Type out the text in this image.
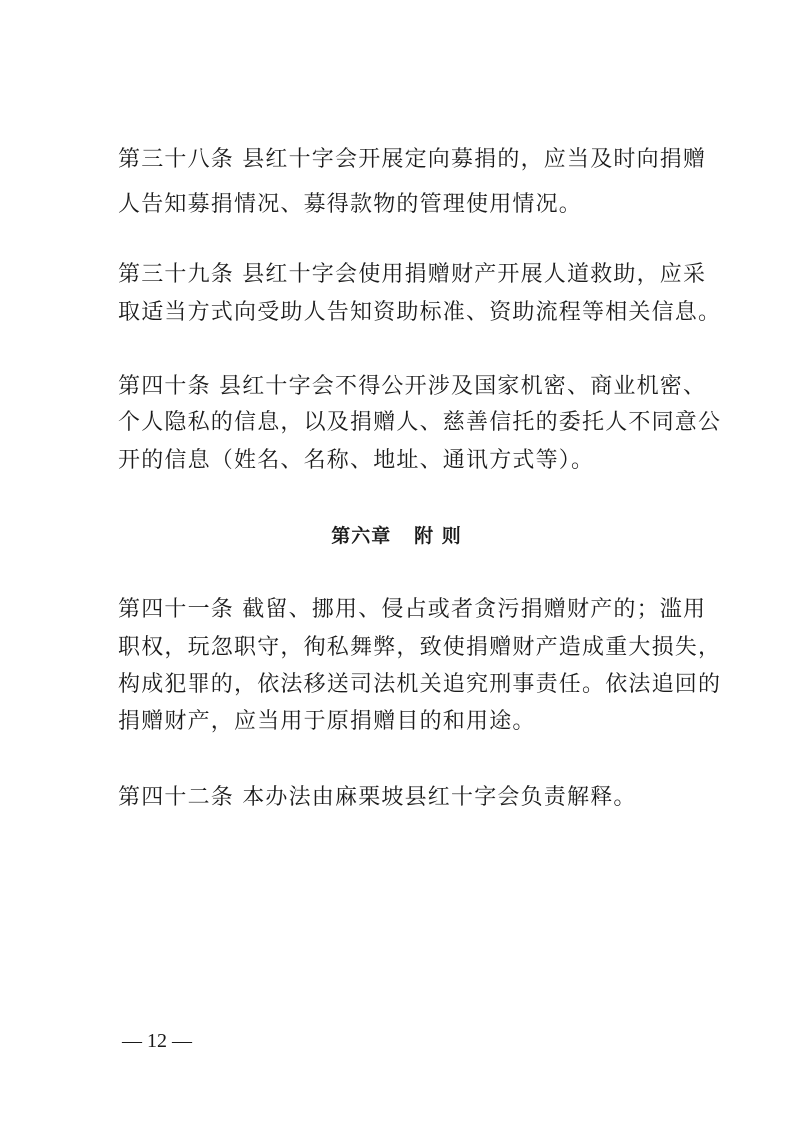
第三十八条 县红十字会开展定向募捐的，应当及时向捐赠
人告知募捐情况、募得款物的管理使用情况。
第三十九条 县红十字会使用捐赠财产开展人道救助，应采
取适当方式向受助人告知资助标准、资助流程等相关信息。
第四十条 县红十字会不得公开涉及国家机密、商业机密、
个人隐私的信息，以及捐赠人、慈善信托的委托人不同意公
开的信息（姓名、名称、地址、通讯方式等）。
第六章   附 则
第四十一条 截留、挪用、侵占或者贪污捐赠财产的；滥用
职权，玩忽职守，徇私舞弊，致使捐赠财产造成重大损失，
构成犯罪的，依法移送司法机关追究刑事责任。依法追回的
捐赠财产，应当用于原捐赠目的和用途。
第四十二条 本办法由麻栗坡县红十字会负责解释。
— 12 —
